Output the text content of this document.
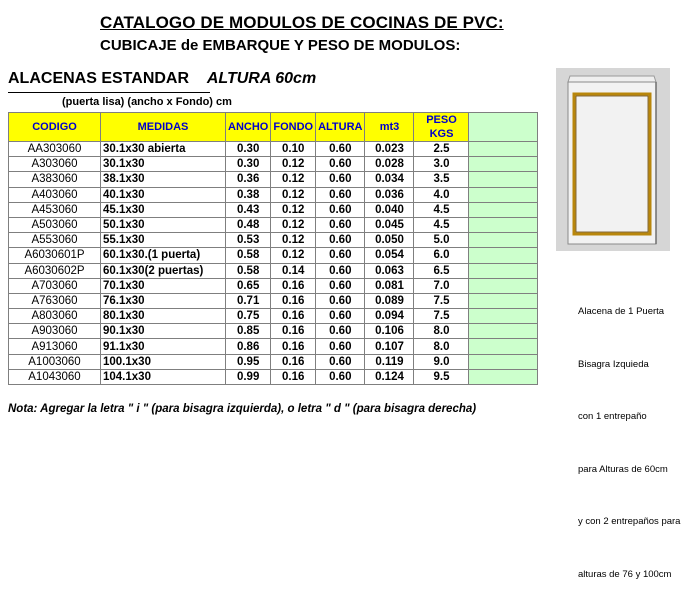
CATALOGO DE MODULOS DE COCINAS DE PVC:
CUBICAJE de EMBARQUE Y PESO DE MODULOS:
ALACENAS ESTANDAR ALTURA 60cm
(puerta lisa) (ancho x Fondo) cm
CODIGO	MEDIDAS	ANCHO	FONDO	ALTURA	mt3	PESO KGS	
AA303060	30.1x30 abierta	0.30	0.10	0.60	0.023	2.5	
A303060	30.1x30	0.30	0.12	0.60	0.028	3.0	
A383060	38.1x30	0.36	0.12	0.60	0.034	3.5	
A403060	40.1x30	0.38	0.12	0.60	0.036	4.0	
A453060	45.1x30	0.43	0.12	0.60	0.040	4.5	
A503060	50.1x30	0.48	0.12	0.60	0.045	4.5	
A553060	55.1x30	0.53	0.12	0.60	0.050	5.0	
A6030601P	60.1x30.(1 puerta)	0.58	0.12	0.60	0.054	6.0	
A6030602P	60.1x30(2 puertas)	0.58	0.14	0.60	0.063	6.5	
A703060	70.1x30	0.65	0.16	0.60	0.081	7.0	
A763060	76.1x30	0.71	0.16	0.60	0.089	7.5	
A803060	80.1x30	0.75	0.16	0.60	0.094	7.5	
A903060	90.1x30	0.85	0.16	0.60	0.106	8.0	
A913060	91.1x30	0.86	0.16	0.60	0.107	8.0	
A1003060	100.1x30	0.95	0.16	0.60	0.119	9.0	
A1043060	104.1x30	0.99	0.16	0.60	0.124	9.5	
Nota: Agregar la letra " i " (para bisagra izquierda), o letra " d " (para bisagra derecha)

Alacena de 1 Puerta

Bisagra Izquieda

con 1 entrepaño

para Alturas de 60cm

y con 2 entrepaños para

alturas de 76 y 100cm
